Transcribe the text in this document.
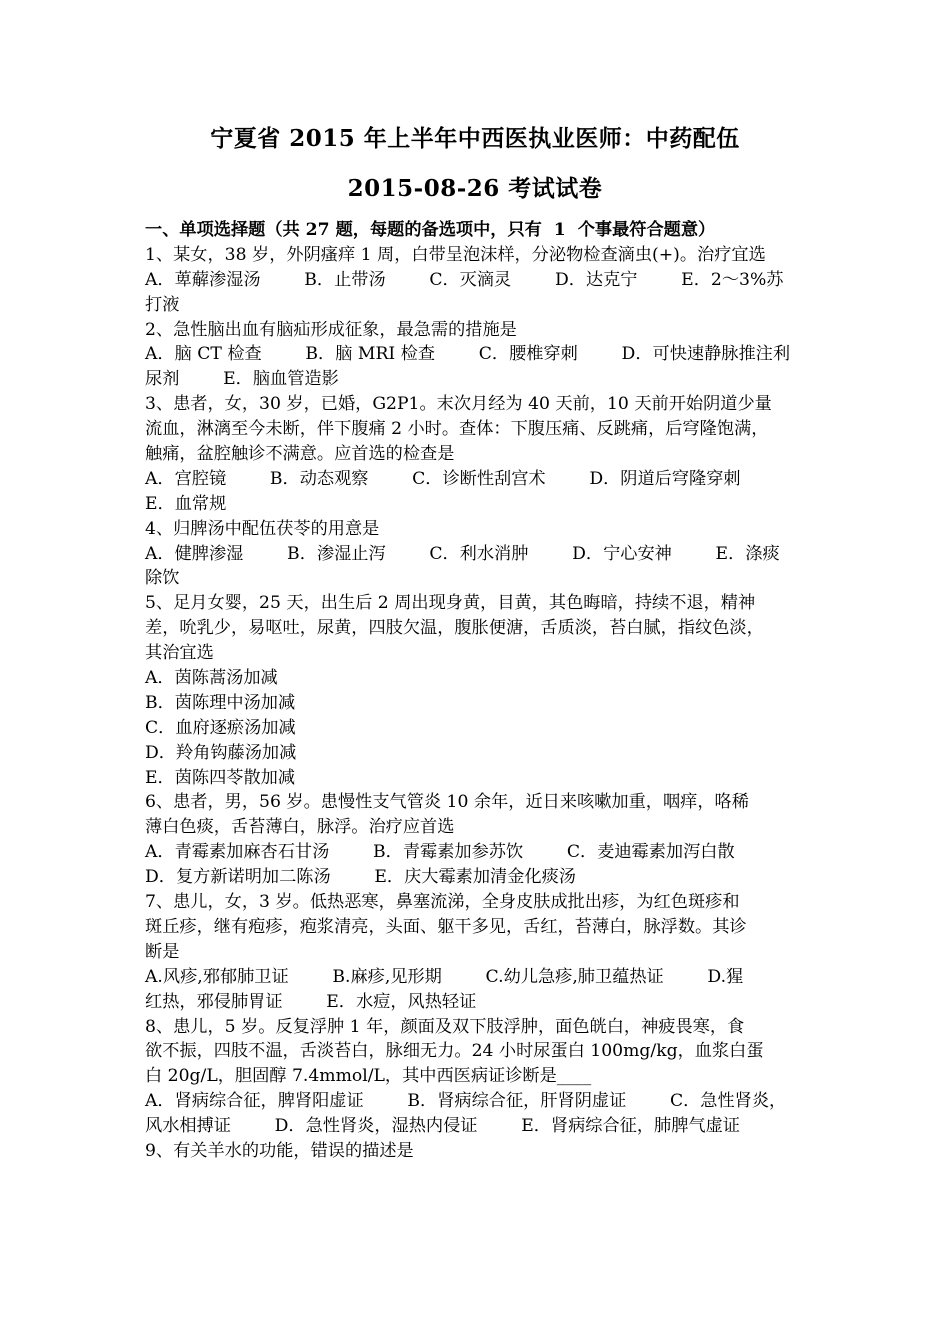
宁夏省 2015 年上半年中西医执业医师：中药配伍
2015-08-26 考试试卷
一、单项选择题（共 27 题，每题的备选项中，只有  1  个事最符合题意）
1、某女，38 岁，外阴瘙痒 1 周，白带呈泡沫样，分泌物检查滴虫(+)。治疗宜选
A．萆薢渗湿汤        B．止带汤        C．灭滴灵        D．达克宁        E．2～3%苏
打液
2、急性脑出血有脑疝形成征象，最急需的措施是
A．脑 CT 检查        B．脑 MRI 检查        C．腰椎穿刺        D．可快速静脉推注利
尿剂        E．脑血管造影
3、患者，女，30 岁，已婚，G2P1。末次月经为 40 天前，10 天前开始阴道少量
流血，淋漓至今未断，伴下腹痛 2 小时。查体：下腹压痛、反跳痛，后穹隆饱满，
触痛，盆腔触诊不满意。应首选的检查是
A．宫腔镜        B．动态观察        C．诊断性刮宫术        D．阴道后穹隆穿刺
E．血常规
4、归脾汤中配伍茯苓的用意是
A．健脾渗湿        B．渗湿止泻        C．利水消肿        D．宁心安神        E．涤痰
除饮
5、足月女婴，25 天，出生后 2 周出现身黄，目黄，其色晦暗，持续不退，精神
差，吮乳少，易呕吐，尿黄，四肢欠温，腹胀便溏，舌质淡，苔白腻，指纹色淡，
其治宜选
A．茵陈蒿汤加减
B．茵陈理中汤加减
C．血府逐瘀汤加减
D．羚角钩藤汤加减
E．茵陈四苓散加减
6、患者，男，56 岁。患慢性支气管炎 10 余年，近日来咳嗽加重，咽痒，咯稀
薄白色痰，舌苔薄白，脉浮。治疗应首选
A．青霉素加麻杏石甘汤        B．青霉素加参苏饮        C．麦迪霉素加泻白散
D．复方新诺明加二陈汤        E．庆大霉素加清金化痰汤
7、患儿，女，3 岁。低热恶寒，鼻塞流涕，全身皮肤成批出疹，为红色斑疹和
斑丘疹，继有疱疹，疱浆清亮，头面、躯干多见，舌红，苔薄白，脉浮数。其诊
断是
A.风疹,邪郁肺卫证        B.麻疹,见形期        C.幼儿急疹,肺卫蕴热证        D.猩
红热，邪侵肺胃证        E．水痘，风热轻证
8、患儿，5 岁。反复浮肿 1 年，颜面及双下肢浮肿，面色㿠白，神疲畏寒，食
欲不振，四肢不温，舌淡苔白，脉细无力。24 小时尿蛋白 100mg/kg，血浆白蛋
白 20g/L，胆固醇 7.4mmol/L，其中西医病证诊断是____
A．肾病综合征，脾肾阳虚证        B．肾病综合征，肝肾阴虚证        C．急性肾炎，
风水相搏证        D．急性肾炎，湿热内侵证        E．肾病综合征，肺脾气虚证
9、有关羊水的功能，错误的描述是
